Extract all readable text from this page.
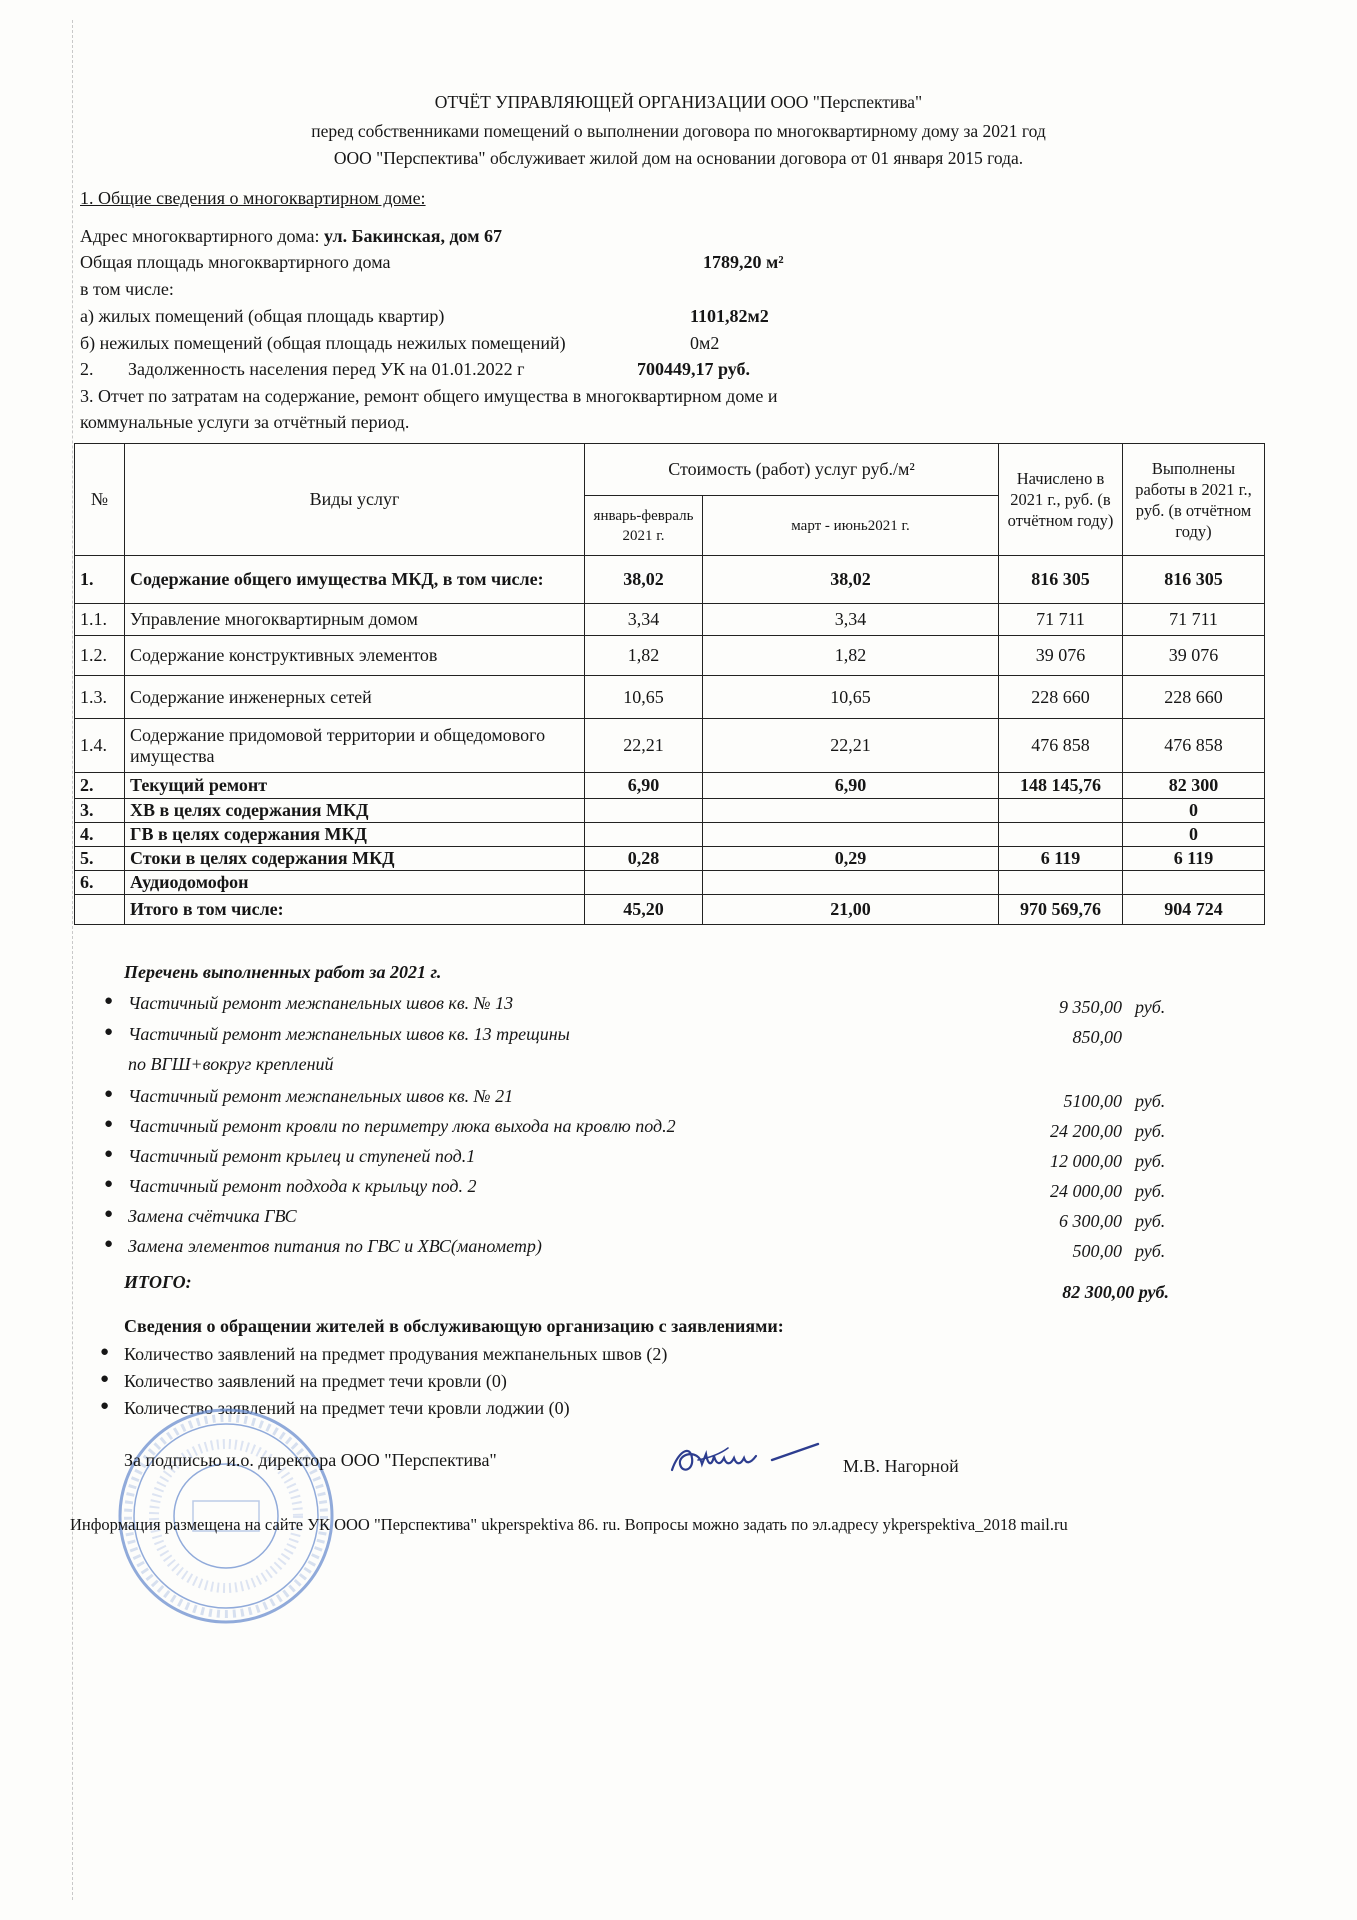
ОТЧЁТ УПРАВЛЯЮЩЕЙ ОРГАНИЗАЦИИ ООО "Перспектива"
перед собственниками помещений о выполнении договора по многоквартирному дому за 2021 год
ООО "Перспектива" обслуживает жилой дом на основании договора от 01 января 2015 года.
1. Общие сведения о многоквартирном доме:
Адрес многоквартирного дома: ул. Бакинская, дом 67
Общая площадь многоквартирного дома	1789,20 м²
в том числе:
а) жилых помещений (общая площадь квартир)	1101,82м2
б) нежилых помещений (общая площадь нежилых помещений)	0м2
2. Задолженность населения перед УК на 01.01.2022 г	700449,17 руб.
3. Отчет по затратам на содержание, ремонт общего имущества в многоквартирном доме и
коммунальные услуги за отчётный период.
№	Виды услуг	Стоимость (работ) услуг руб./м²		Начислено в 2021 г., руб. (в отчётном году)	Выполнены работы в 2021 г., руб. (в отчётном году)
		январь-февраль 2021 г.	март - июнь2021 г.		
1.	Содержание общего имущества МКД, в том числе:	38,02	38,02	816 305	816 305
1.1.	Управление многоквартирным домом	3,34	3,34	71 711	71 711
1.2.	Содержание конструктивных элементов	1,82	1,82	39 076	39 076
1.3.	Содержание инженерных сетей	10,65	10,65	228 660	228 660
1.4.	Содержание придомовой территории и общедомового имущества	22,21	22,21	476 858	476 858
2.	Текущий ремонт	6,90	6,90	148 145,76	82 300
3.	ХВ в целях содержания МКД				0
4.	ГВ в целях содержания МКД				0
5.	Стоки в целях содержания МКД	0,28	0,29	6 119	6 119
6.	Аудиодомофон				
	Итого в том числе:	45,20	21,00	970 569,76	904 724
Перечень выполненных работ за 2021 г.
● Частичный ремонт межпанельных швов кв. № 13	9 350,00 руб.
● Частичный ремонт межпанельных швов кв. 13 трещины	850,00
по ВГШ+вокруг креплений
● Частичный ремонт межпанельных швов кв. № 21	5100,00 руб.
● Частичный ремонт кровли по периметру люка выхода на кровлю под.2	24 200,00 руб.
● Частичный ремонт крылец и ступеней под.1	12 000,00 руб.
● Частичный ремонт подхода к крыльцу под. 2	24 000,00 руб.
● Замена счётчика ГВС	6 300,00 руб.
● Замена элементов питания по ГВС и ХВС(манометр)	500,00 руб.
ИТОГО:	82 300,00 руб.
Сведения о обращении жителей в обслуживающую организацию с заявлениями:
● Количество заявлений на предмет продувания межпанельных швов (2)
● Количество заявлений на предмет течи кровли (0)
● Количество заявлений на предмет течи кровли лоджии (0)
За подписью и.о. директора ООО "Перспектива"	М.В. Нагорной
Информация размещена на сайте УК ООО "Перспектива" ukperspektiva 86. ru. Вопросы можно задать по эл.адресу ykperspektiva_2018 mail.ru
